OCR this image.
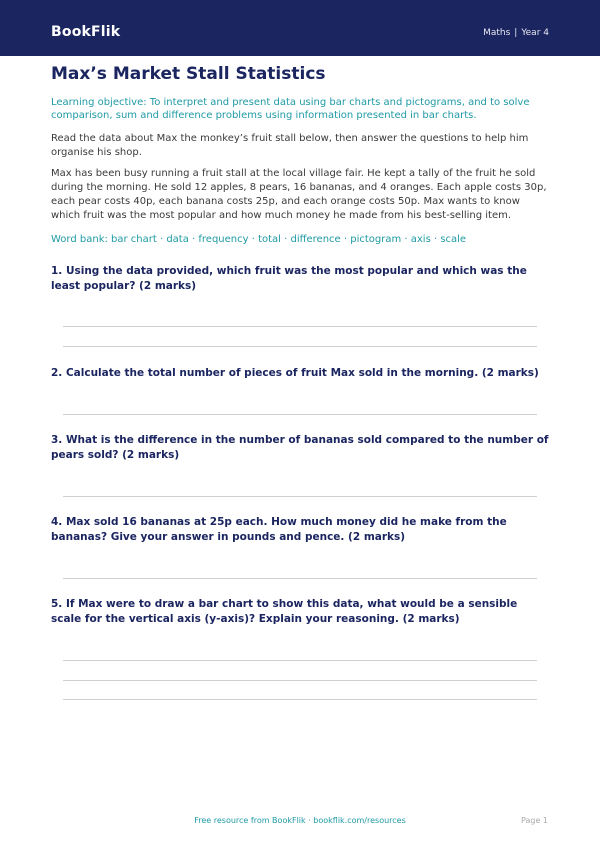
BookFlik	Maths | Year 4
Max’s Market Stall Statistics
Learning objective: To interpret and present data using bar charts and pictograms, and to solve comparison, sum and difference problems using information presented in bar charts.
Read the data about Max the monkey’s fruit stall below, then answer the questions to help him organise his shop.
Max has been busy running a fruit stall at the local village fair. He kept a tally of the fruit he sold during the morning. He sold 12 apples, 8 pears, 16 bananas, and 4 oranges. Each apple costs 30p, each pear costs 40p, each banana costs 25p, and each orange costs 50p. Max wants to know which fruit was the most popular and how much money he made from his best-selling item.
Word bank: bar chart · data · frequency · total · difference · pictogram · axis · scale
1. Using the data provided, which fruit was the most popular and which was the least popular? (2 marks)
2. Calculate the total number of pieces of fruit Max sold in the morning. (2 marks)
3. What is the difference in the number of bananas sold compared to the number of pears sold? (2 marks)
4. Max sold 16 bananas at 25p each. How much money did he make from the bananas? Give your answer in pounds and pence. (2 marks)
5. If Max were to draw a bar chart to show this data, what would be a sensible scale for the vertical axis (y-axis)? Explain your reasoning. (2 marks)
Free resource from BookFlik · bookflik.com/resources	Page 1
